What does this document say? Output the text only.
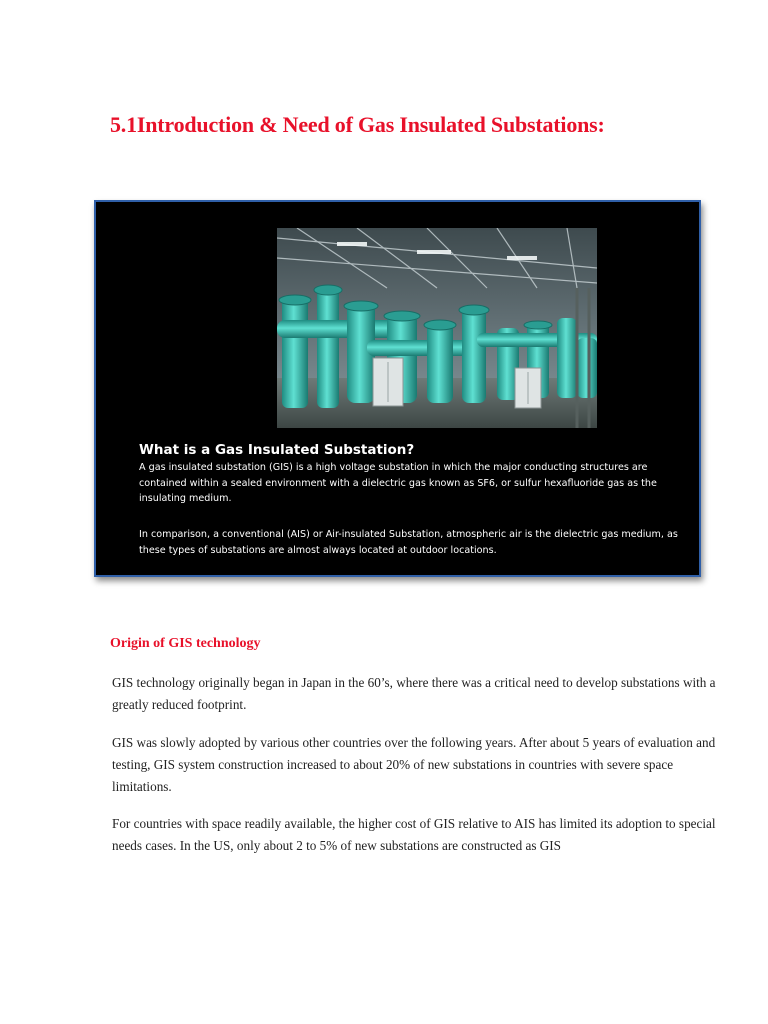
5.1Introduction & Need of Gas Insulated Substations:
What is a Gas Insulated Substation?
A gas insulated substation (GIS) is a high voltage substation in which the major conducting structures are contained within a sealed environment with a dielectric gas known as SF6, or sulfur hexafluoride gas as the insulating medium.
In comparison, a conventional (AIS) or Air-insulated Substation, atmospheric air is the dielectric gas medium, as these types of substations are almost always located at outdoor locations.
Origin of GIS technology
GIS technology originally began in Japan in the 60’s, where there was a critical need to develop substations with a greatly reduced footprint.
GIS was slowly adopted by various other countries over the following years. After about 5 years of evaluation and testing, GIS system construction increased to about 20% of new substations in countries with severe space limitations.
For countries with space readily available, the higher cost of GIS relative to AIS has limited its adoption to special needs cases. In the US, only about 2 to 5% of new substations are constructed as GIS
